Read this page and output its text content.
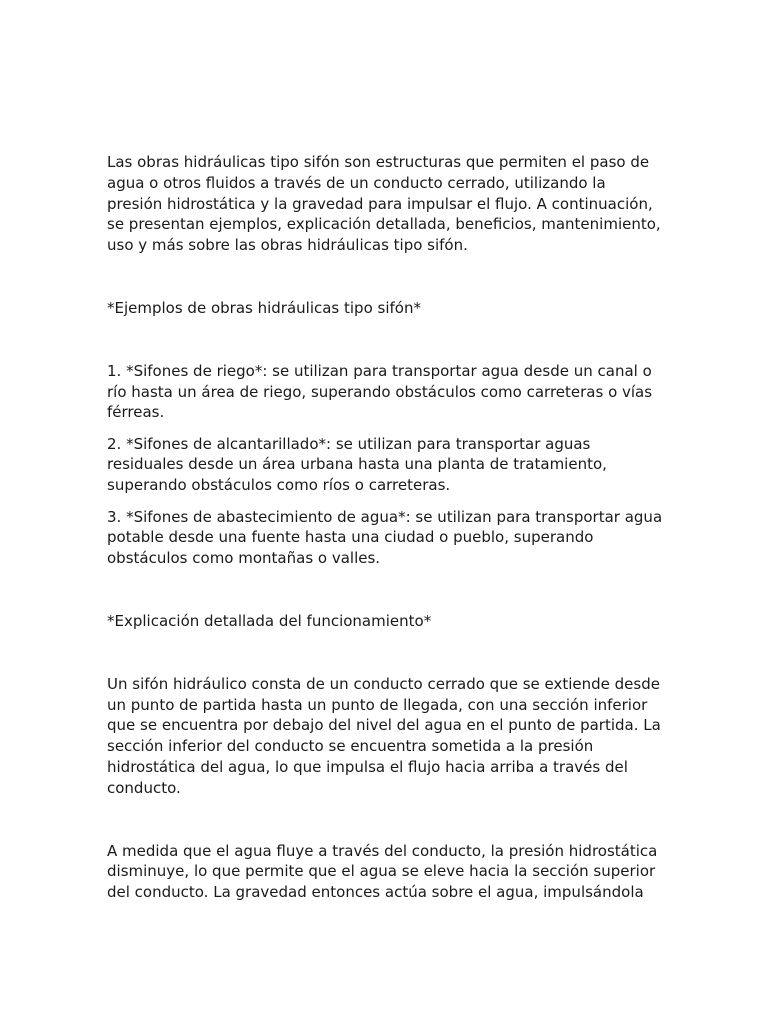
Las obras hidráulicas tipo sifón son estructuras que permiten el paso de agua o otros fluidos a través de un conducto cerrado, utilizando la presión hidrostática y la gravedad para impulsar el flujo. A continuación, se presentan ejemplos, explicación detallada, beneficios, mantenimiento, uso y más sobre las obras hidráulicas tipo sifón.

*Ejemplos de obras hidráulicas tipo sifón*

1. *Sifones de riego*: se utilizan para transportar agua desde un canal o río hasta un área de riego, superando obstáculos como carreteras o vías férreas.

2. *Sifones de alcantarillado*: se utilizan para transportar aguas residuales desde un área urbana hasta una planta de tratamiento, superando obstáculos como ríos o carreteras.

3. *Sifones de abastecimiento de agua*: se utilizan para transportar agua potable desde una fuente hasta una ciudad o pueblo, superando obstáculos como montañas o valles.

*Explicación detallada del funcionamiento*

Un sifón hidráulico consta de un conducto cerrado que se extiende desde un punto de partida hasta un punto de llegada, con una sección inferior que se encuentra por debajo del nivel del agua en el punto de partida. La sección inferior del conducto se encuentra sometida a la presión hidrostática del agua, lo que impulsa el flujo hacia arriba a través del conducto.

A medida que el agua fluye a través del conducto, la presión hidrostática disminuye, lo que permite que el agua se eleve hacia la sección superior del conducto. La gravedad entonces actúa sobre el agua, impulsándola
